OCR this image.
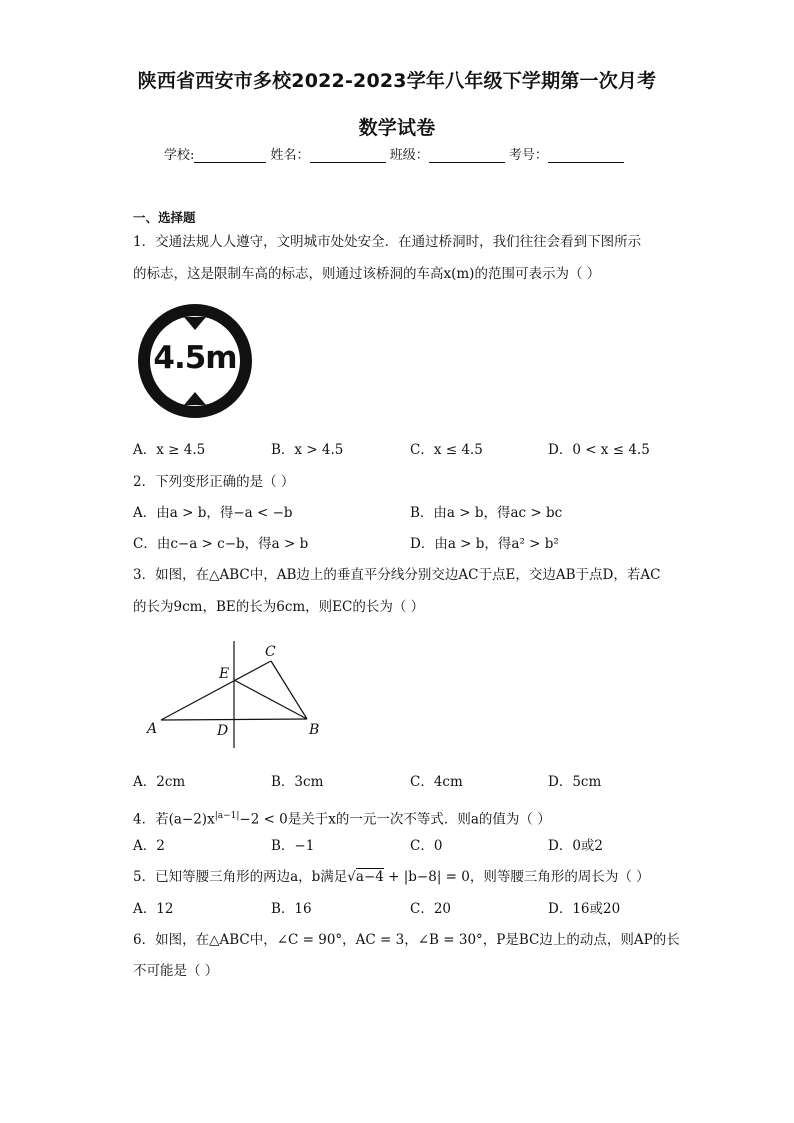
陕西省西安市多校2022-2023学年八年级下学期第一次月考
数学试卷
学校:	姓名：	班级：	考号：
一、选择题
1．交通法规人人遵守，文明城市处处安全．在通过桥洞时，我们往往会看到下图所示
的标志，这是限制车高的标志，则通过该桥洞的车高x(m)的范围可表示为（ ）
4.5m
A．x ≥ 4.5	B．x > 4.5	C．x ≤ 4.5	D．0 < x ≤ 4.5
2．下列变形正确的是（ ）
A．由a > b，得−a < −b	B．由a > b，得ac > bc
C．由c−a > c−b，得a > b	D．由a > b，得a² > b²
3．如图，在△ABC中，AB边上的垂直平分线分别交边AC于点E，交边AB于点D，若AC
的长为9cm，BE的长为6cm，则EC的长为（ ）
A	B
C
D
E
A．2cm	B．3cm	C．4cm	D．5cm
4．若$(a-2)x^{|a-1|}-2 < 0$是关于x的一元一次不等式．则a的值为（ ）
A．2	B．−1	C．0	D．0或2
5．已知等腰三角形的两边a，b满足√a−4 + |b−8| = 0，则等腰三角形的周长为（ ）
A．12	B．16	C．20	D．16或20
6．如图，在△ABC中，∠C = 90°，AC = 3，∠B = 30°，P是BC边上的动点，则AP的长
不可能是（ ）
